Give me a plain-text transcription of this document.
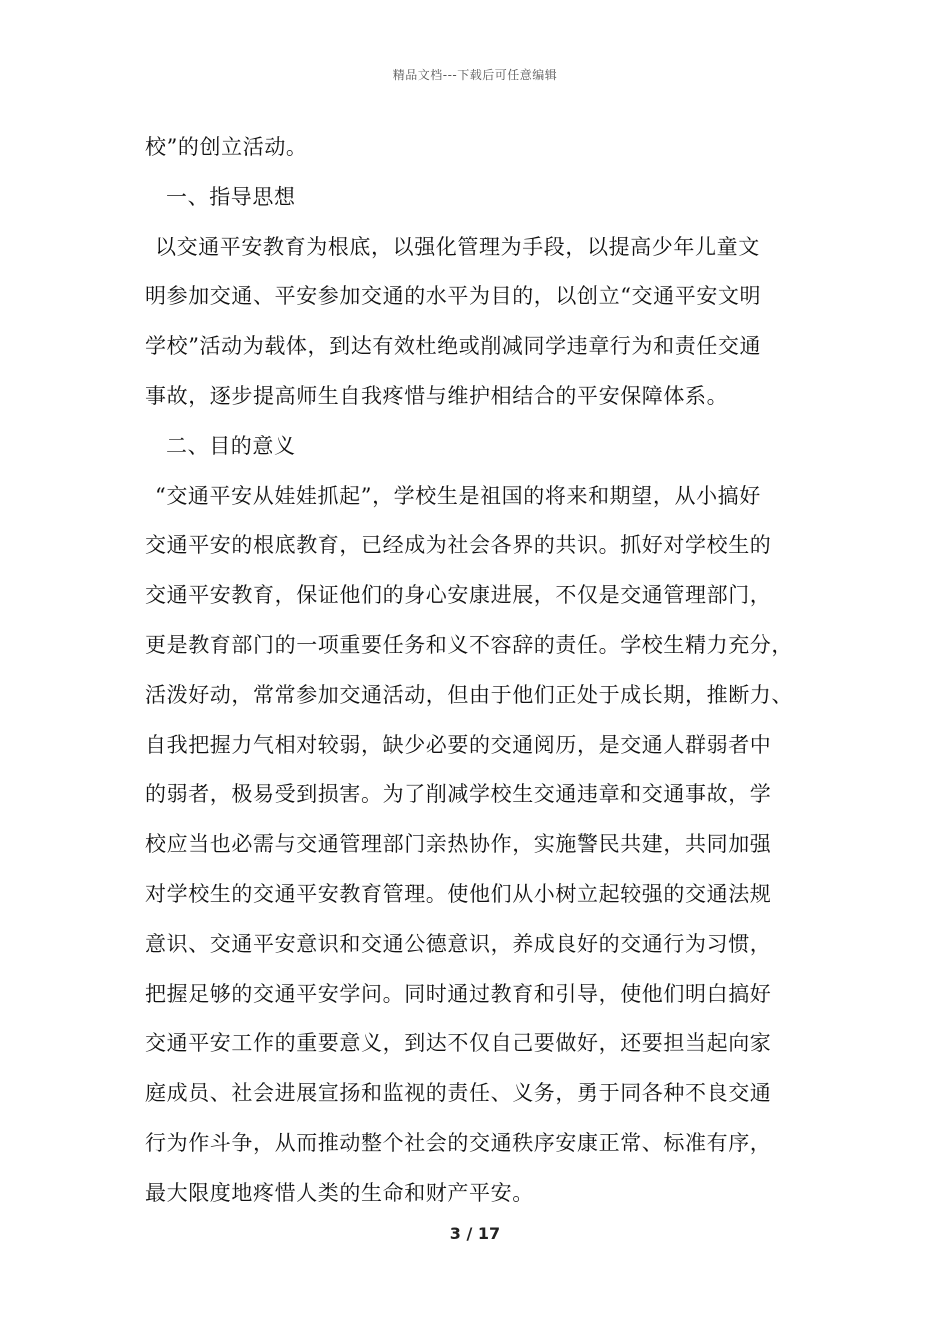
精品文档---下载后可任意编辑
校”的创立活动。
一、指导思想
以交通平安教育为根底，以强化管理为手段，以提高少年儿童文
明参加交通、平安参加交通的水平为目的，以创立“交通平安文明
学校”活动为载体，到达有效杜绝或削减同学违章行为和责任交通
事故，逐步提高师生自我疼惜与维护相结合的平安保障体系。
二、目的意义
“交通平安从娃娃抓起”，学校生是祖国的将来和期望，从小搞好
交通平安的根底教育，已经成为社会各界的共识。抓好对学校生的
交通平安教育，保证他们的身心安康进展，不仅是交通管理部门，
更是教育部门的一项重要任务和义不容辞的责任。学校生精力充分，
活泼好动，常常参加交通活动，但由于他们正处于成长期，推断力、
自我把握力气相对较弱，缺少必要的交通阅历，是交通人群弱者中
的弱者，极易受到损害。为了削减学校生交通违章和交通事故，学
校应当也必需与交通管理部门亲热协作，实施警民共建，共同加强
对学校生的交通平安教育管理。使他们从小树立起较强的交通法规
意识、交通平安意识和交通公德意识，养成良好的交通行为习惯，
把握足够的交通平安学问。同时通过教育和引导，使他们明白搞好
交通平安工作的重要意义，到达不仅自己要做好，还要担当起向家
庭成员、社会进展宣扬和监视的责任、义务，勇于同各种不良交通
行为作斗争，从而推动整个社会的交通秩序安康正常、标准有序，
最大限度地疼惜人类的生命和财产平安。
3 / 17
